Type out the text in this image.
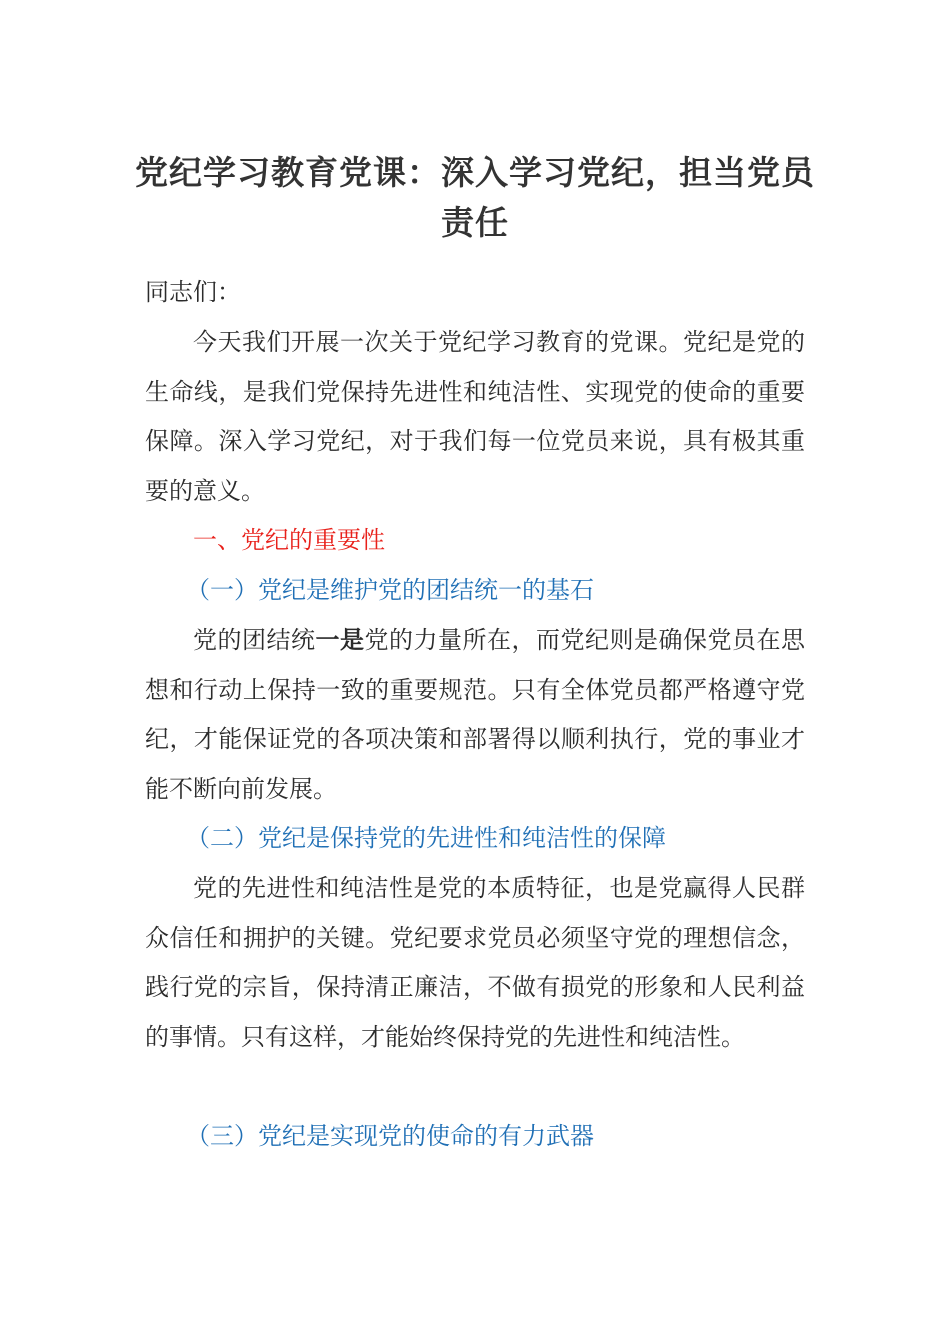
党纪学习教育党课：深入学习党纪，担当党员责任
同志们：

今天我们开展一次关于党纪学习教育的党课。党纪是党的生命线，是我们党保持先进性和纯洁性、实现党的使命的重要保障。深入学习党纪，对于我们每一位党员来说，具有极其重要的意义。

一、党纪的重要性
（一）党纪是维护党的团结统一的基石

党的团结统一是党的力量所在，而党纪则是确保党员在思想和行动上保持一致的重要规范。只有全体党员都严格遵守党纪，才能保证党的各项决策和部署得以顺利执行，党的事业才能不断向前发展。

（二）党纪是保持党的先进性和纯洁性的保障

党的先进性和纯洁性是党的本质特征，也是党赢得人民群众信任和拥护的关键。党纪要求党员必须坚守党的理想信念，践行党的宗旨，保持清正廉洁，不做有损党的形象和人民利益的事情。只有这样，才能始终保持党的先进性和纯洁性。

（三）党纪是实现党的使命的有力武器
